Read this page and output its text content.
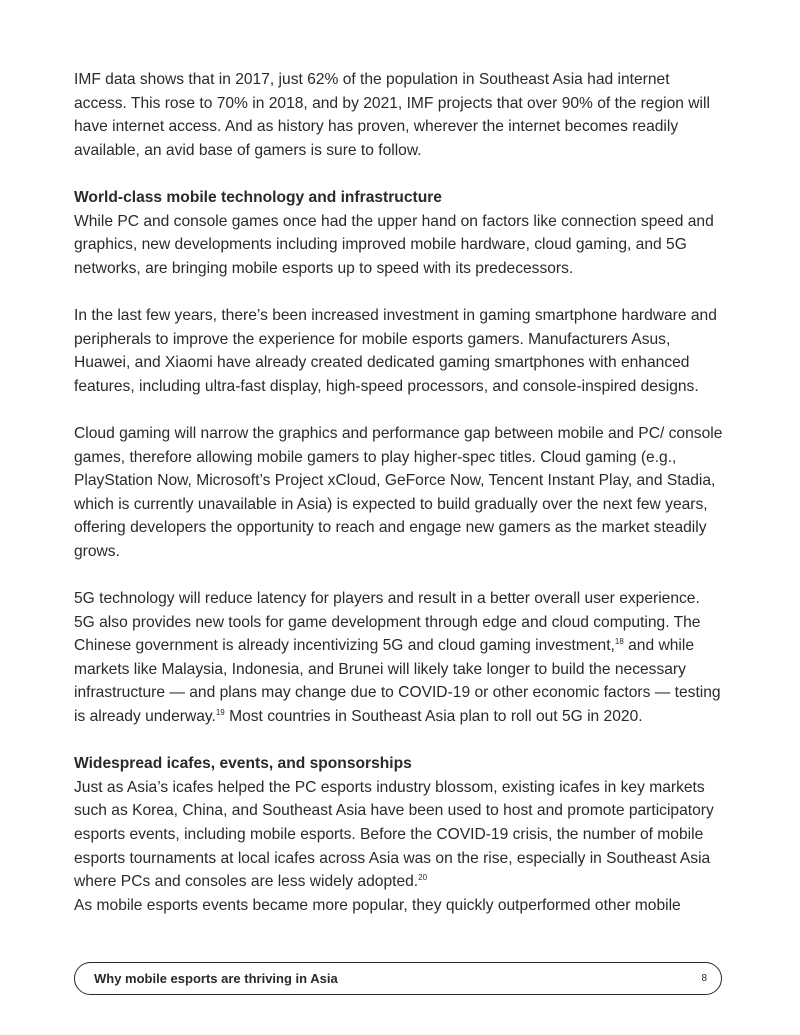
IMF data shows that in 2017, just 62% of the population in Southeast Asia had internet access. This rose to 70% in 2018, and by 2021, IMF projects that over 90% of the region will have internet access. And as history has proven, wherever the internet becomes readily available, an avid base of gamers is sure to follow.

World-class mobile technology and infrastructure
While PC and console games once had the upper hand on factors like connection speed and graphics, new developments including improved mobile hardware, cloud gaming, and 5G networks, are bringing mobile esports up to speed with its predecessors.

In the last few years, there’s been increased investment in gaming smartphone hardware and peripherals to improve the experience for mobile esports gamers. Manufacturers Asus, Huawei, and Xiaomi have already created dedicated gaming smartphones with enhanced features, including ultra-fast display, high-speed processors, and console-inspired designs.

Cloud gaming will narrow the graphics and performance gap between mobile and PC/ console games, therefore allowing mobile gamers to play higher-spec titles. Cloud gaming (e.g., PlayStation Now, Microsoft’s Project xCloud, GeForce Now, Tencent Instant Play, and Stadia, which is currently unavailable in Asia) is expected to build gradually over the next few years, offering developers the opportunity to reach and engage new gamers as the market steadily grows.

5G technology will reduce latency for players and result in a better overall user experience. 5G also provides new tools for game development through edge and cloud computing. The Chinese government is already incentivizing 5G and cloud gaming investment,$^{18}$ and while markets like Malaysia, Indonesia, and Brunei will likely take longer to build the necessary infrastructure — and plans may change due to COVID-19 or other economic factors — testing is already underway.$^{19}$ Most countries in Southeast Asia plan to roll out 5G in 2020.

Widespread icafes, events, and sponsorships
Just as Asia’s icafes helped the PC esports industry blossom, existing icafes in key markets such as Korea, China, and Southeast Asia have been used to host and promote participatory esports events, including mobile esports. Before the COVID-19 crisis, the number of mobile esports tournaments at local icafes across Asia was on the rise, especially in Southeast Asia where PCs and consoles are less widely adopted.$^{20}$
As mobile esports events became more popular, they quickly outperformed other mobile

Why mobile esports are thriving in Asia	8
